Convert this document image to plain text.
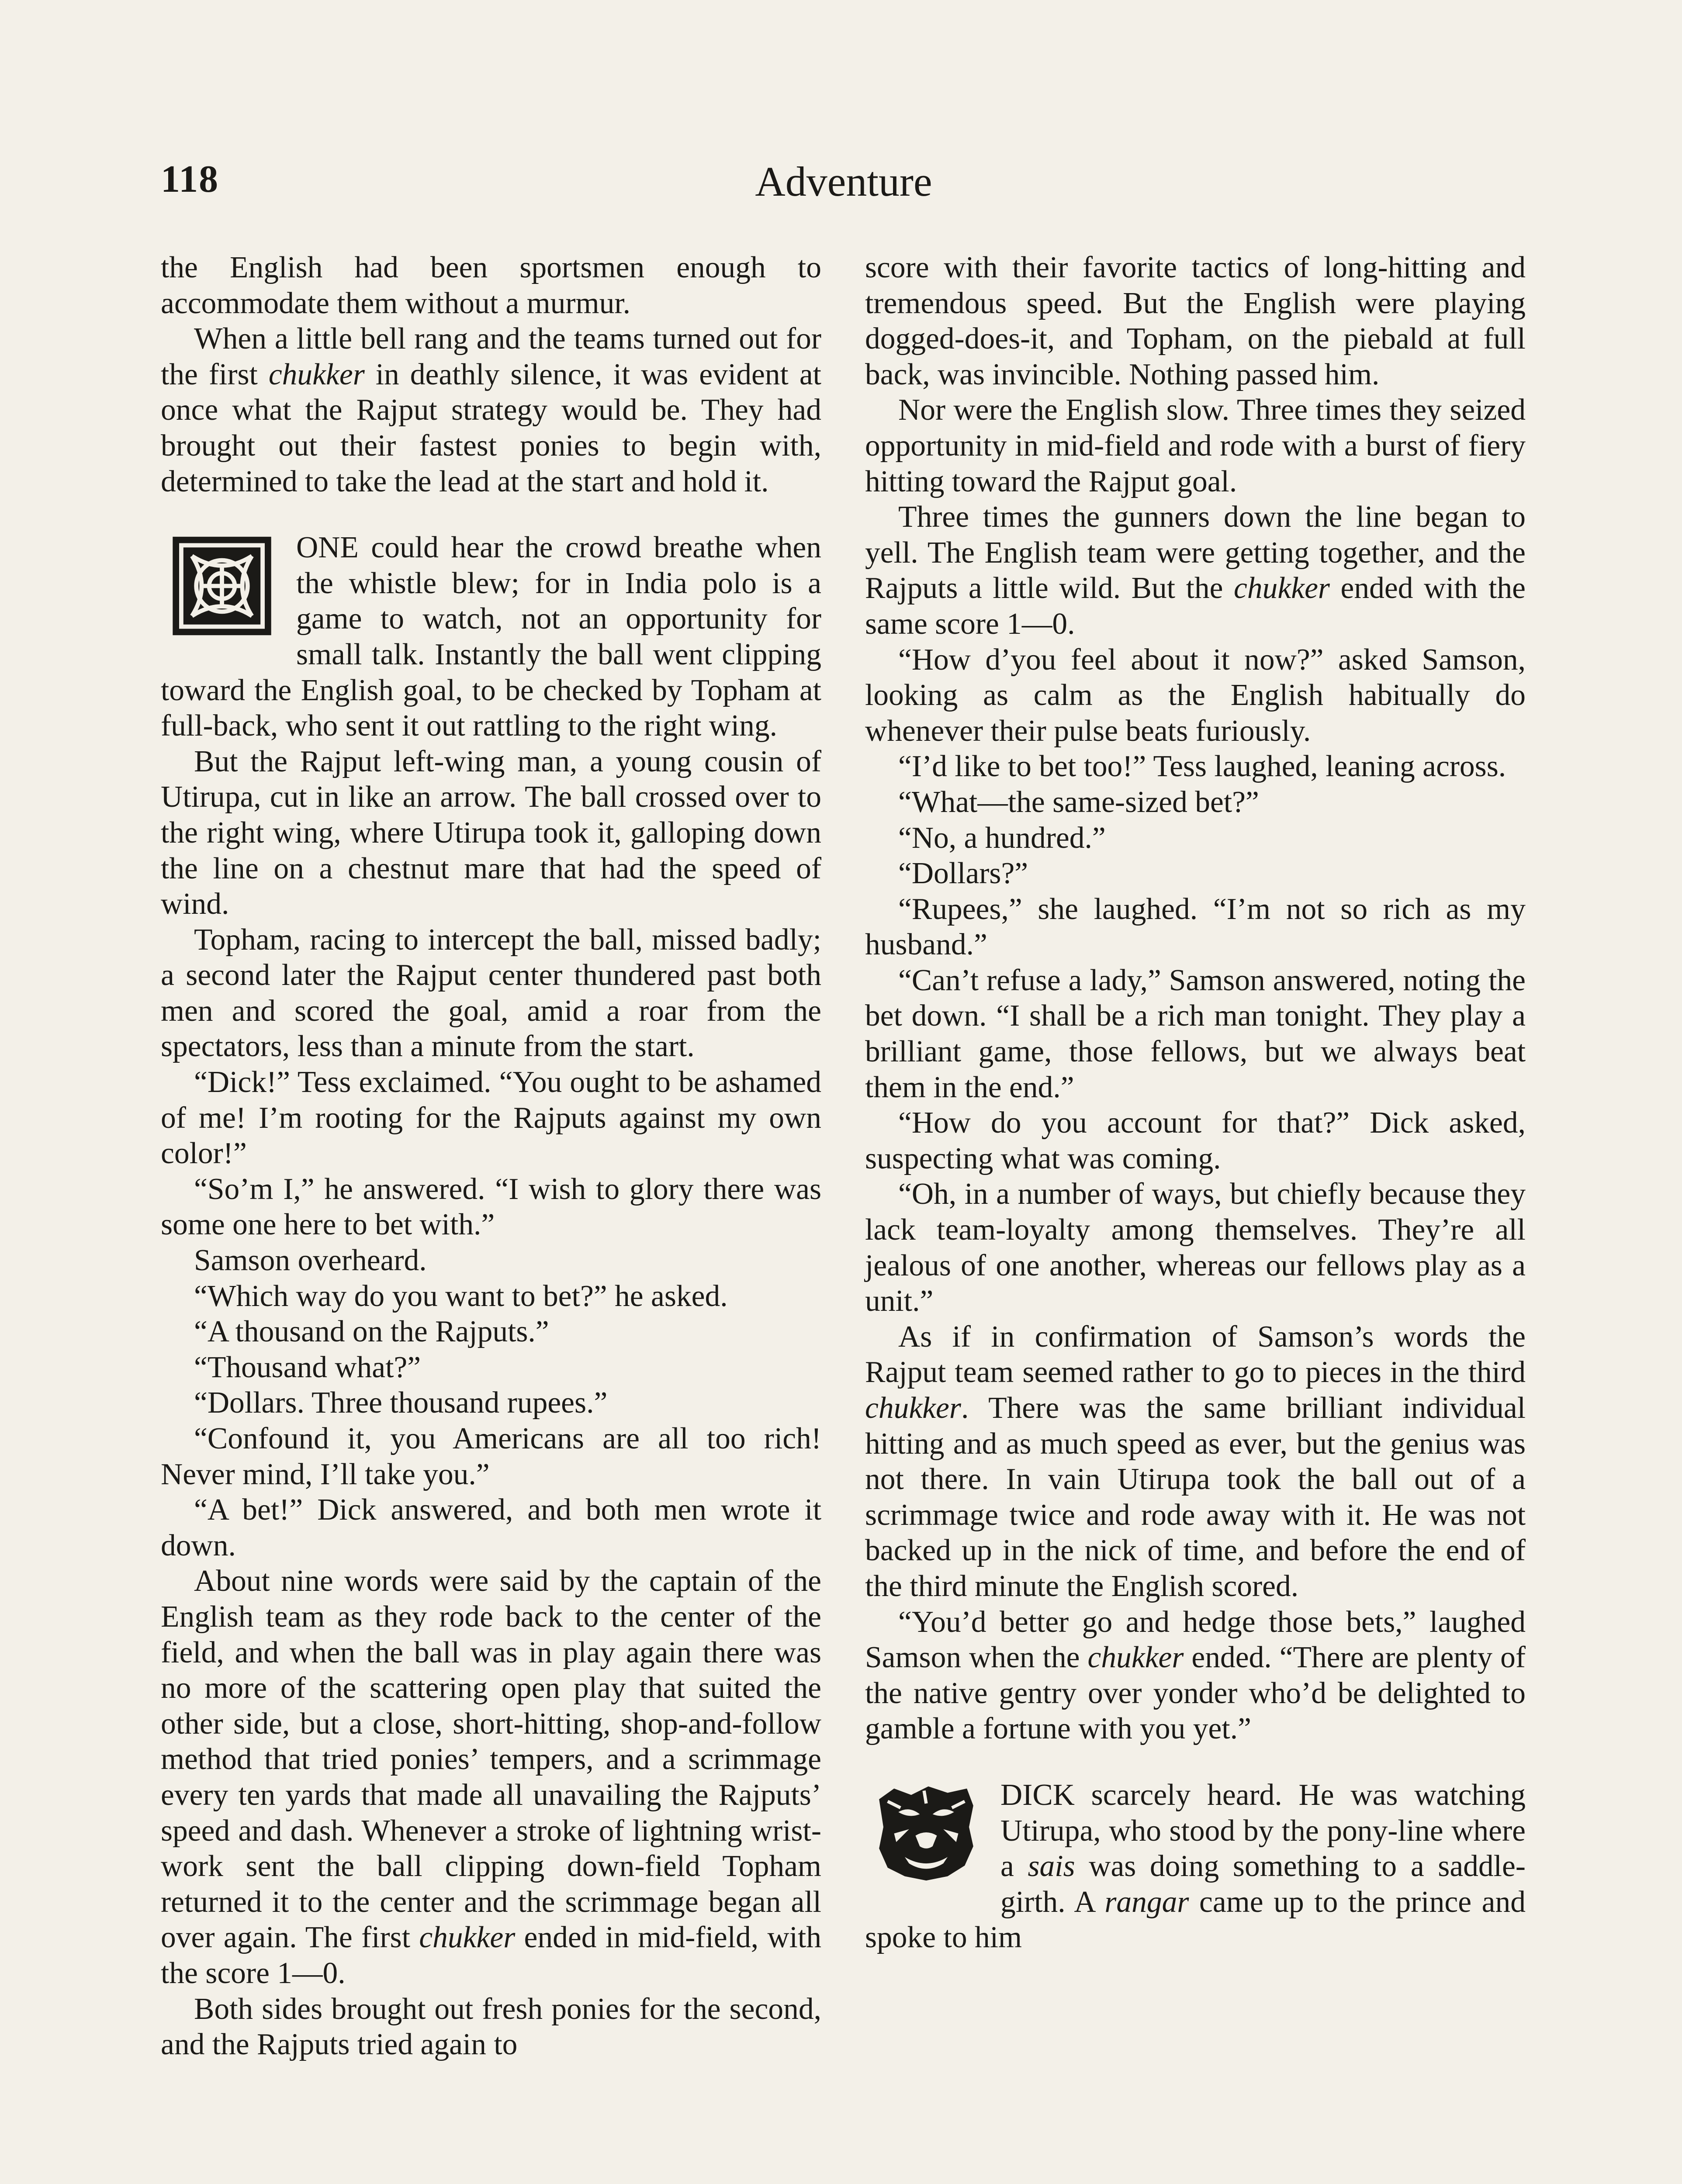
118	Adventure

the English had been sportsmen enough to accommodate them without a murmur.

When a little bell rang and the teams turned out for the first chukker in deathly silence, it was evident at once what the Rajput strategy would be. They had brought out their fastest ponies to begin with, determined to take the lead at the start and hold it.

ONE could hear the crowd breathe when the whistle blew; for in India polo is a game to watch, not an opportunity for small talk. Instantly the ball went clipping toward the English goal, to be checked by Topham at full-back, who sent it out rattling to the right wing.

But the Rajput left-wing man, a young cousin of Utirupa, cut in like an arrow. The ball crossed over to the right wing, where Utirupa took it, galloping down the line on a chestnut mare that had the speed of wind.

Topham, racing to intercept the ball, missed badly; a second later the Rajput center thundered past both men and scored the goal, amid a roar from the spectators, less than a minute from the start.

“Dick!” Tess exclaimed. “You ought to be ashamed of me! I’m rooting for the Rajputs against my own color!”

“So’m I,” he answered. “I wish to glory there was some one here to bet with.”

Samson overheard.

“Which way do you want to bet?” he asked.

“A thousand on the Rajputs.”

“Thousand what?”

“Dollars. Three thousand rupees.”

“Confound it, you Americans are all too rich! Never mind, I’ll take you.”

“A bet!” Dick answered, and both men wrote it down.

About nine words were said by the captain of the English team as they rode back to the center of the field, and when the ball was in play again there was no more of the scattering open play that suited the other side, but a close, short-hitting, shop-and-follow method that tried ponies’ tempers, and a scrimmage every ten yards that made all unavailing the Rajputs’ speed and dash. Whenever a stroke of lightning wrist-work sent the ball clipping down-field Topham returned it to the center and the scrimmage began all over again. The first chukker ended in mid-field, with the score 1—0.

Both sides brought out fresh ponies for the second, and the Rajputs tried again to

score with their favorite tactics of long-hitting and tremendous speed. But the English were playing dogged-does-it, and Topham, on the piebald at full back, was invincible. Nothing passed him.

Nor were the English slow. Three times they seized opportunity in mid-field and rode with a burst of fiery hitting toward the Rajput goal.

Three times the gunners down the line began to yell. The English team were getting together, and the Rajputs a little wild. But the chukker ended with the same score 1—0.

“How d’you feel about it now?” asked Samson, looking as calm as the English habitually do whenever their pulse beats furiously.

“I’d like to bet too!” Tess laughed, leaning across.

“What—the same-sized bet?”

“No, a hundred.”

“Dollars?”

“Rupees,” she laughed. “I’m not so rich as my husband.”

“Can’t refuse a lady,” Samson answered, noting the bet down. “I shall be a rich man tonight. They play a brilliant game, those fellows, but we always beat them in the end.”

“How do you account for that?” Dick asked, suspecting what was coming.

“Oh, in a number of ways, but chiefly because they lack team-loyalty among themselves. They’re all jealous of one another, whereas our fellows play as a unit.”

As if in confirmation of Samson’s words the Rajput team seemed rather to go to pieces in the third chukker. There was the same brilliant individual hitting and as much speed as ever, but the genius was not there. In vain Utirupa took the ball out of a scrimmage twice and rode away with it. He was not backed up in the nick of time, and before the end of the third minute the English scored.

“You’d better go and hedge those bets,” laughed Samson when the chukker ended. “There are plenty of the native gentry over yonder who’d be delighted to gamble a fortune with you yet.”

DICK scarcely heard. He was watching Utirupa, who stood by the pony-line where a sais was doing something to a saddle-girth. A rangar came up to the prince and spoke to him
